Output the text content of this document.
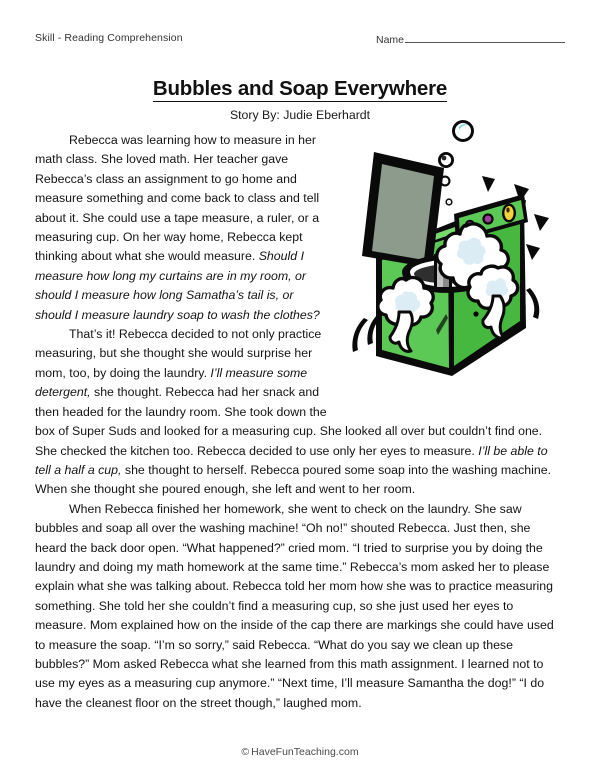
Skill - Reading Comprehension	Name
Bubbles and Soap Everywhere
Story By: Judie Eberhardt

Rebecca was learning how to measure in her math class. She loved math. Her teacher gave Rebecca’s class an assignment to go home and measure something and come back to class and tell about it. She could use a tape measure, a ruler, or a measuring cup. On her way home, Rebecca kept thinking about what she would measure. Should I measure how long my curtains are in my room, or should I measure how long Samatha’s tail is, or should I measure laundry soap to wash the clothes?

That’s it! Rebecca decided to not only practice measuring, but she thought she would surprise her mom, too, by doing the laundry. I’ll measure some detergent, she thought. Rebecca had her snack and then headed for the laundry room. She took down the box of Super Suds and looked for a measuring cup. She looked all over but couldn’t find one. She checked the kitchen too. Rebecca decided to use only her eyes to measure. I’ll be able to tell a half a cup, she thought to herself. Rebecca poured some soap into the washing machine. When she thought she poured enough, she left and went to her room.

When Rebecca finished her homework, she went to check on the laundry. She saw bubbles and soap all over the washing machine! “Oh no!” shouted Rebecca. Just then, she heard the back door open. “What happened?” cried mom. “I tried to surprise you by doing the laundry and doing my math homework at the same time.” Rebecca’s mom asked her to please explain what she was talking about. Rebecca told her mom how she was to practice measuring something. She told her she couldn’t find a measuring cup, so she just used her eyes to measure. Mom explained how on the inside of the cap there are markings she could have used to measure the soap. “I’m so sorry,” said Rebecca. “What do you say we clean up these bubbles?” Mom asked Rebecca what she learned from this math assignment. I learned not to use my eyes as a measuring cup anymore.” “Next time, I’ll measure Samantha the dog!” “I do have the cleanest floor on the street though,” laughed mom.

© HaveFunTeaching.com
